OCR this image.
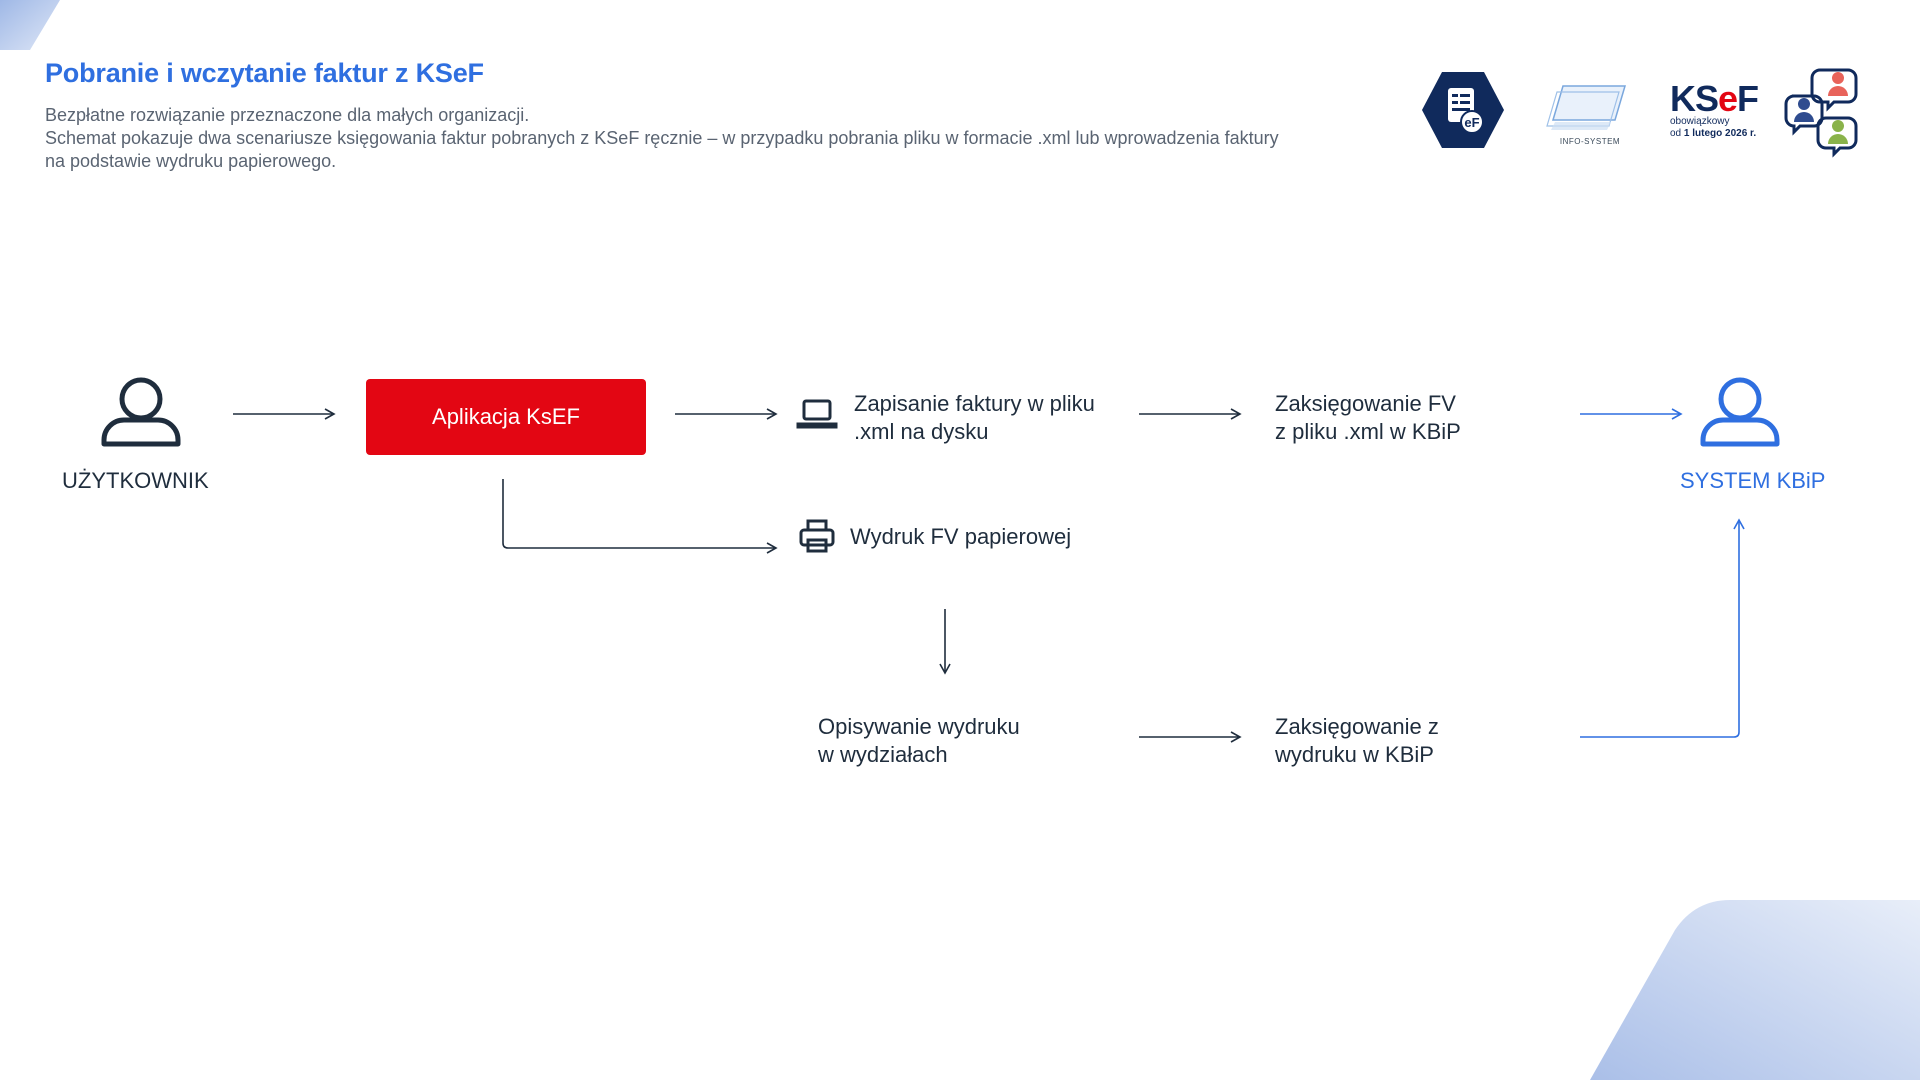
Pobranie i wczytanie faktur z KSeF
Bezpłatne rozwiązanie przeznaczone dla małych organizacji.
Schemat pokazuje dwa scenariusze księgowania faktur pobranych z KSeF ręcznie – w przypadku pobrania pliku w formacie .xml lub wprowadzenia faktury
na podstawie wydruku papierowego.
eF
INFO-SYSTEM
KSeF
obowiązkowy
od 1 lutego 2026 r.
UŻYTKOWNIK
Aplikacja KsEF
Zapisanie faktury w pliku
.xml na dysku
Zaksięgowanie FV
z pliku .xml w KBiP
SYSTEM KBiP
Wydruk FV papierowej
Opisywanie wydruku
w wydziałach
Zaksięgowanie z
wydruku w KBiP
